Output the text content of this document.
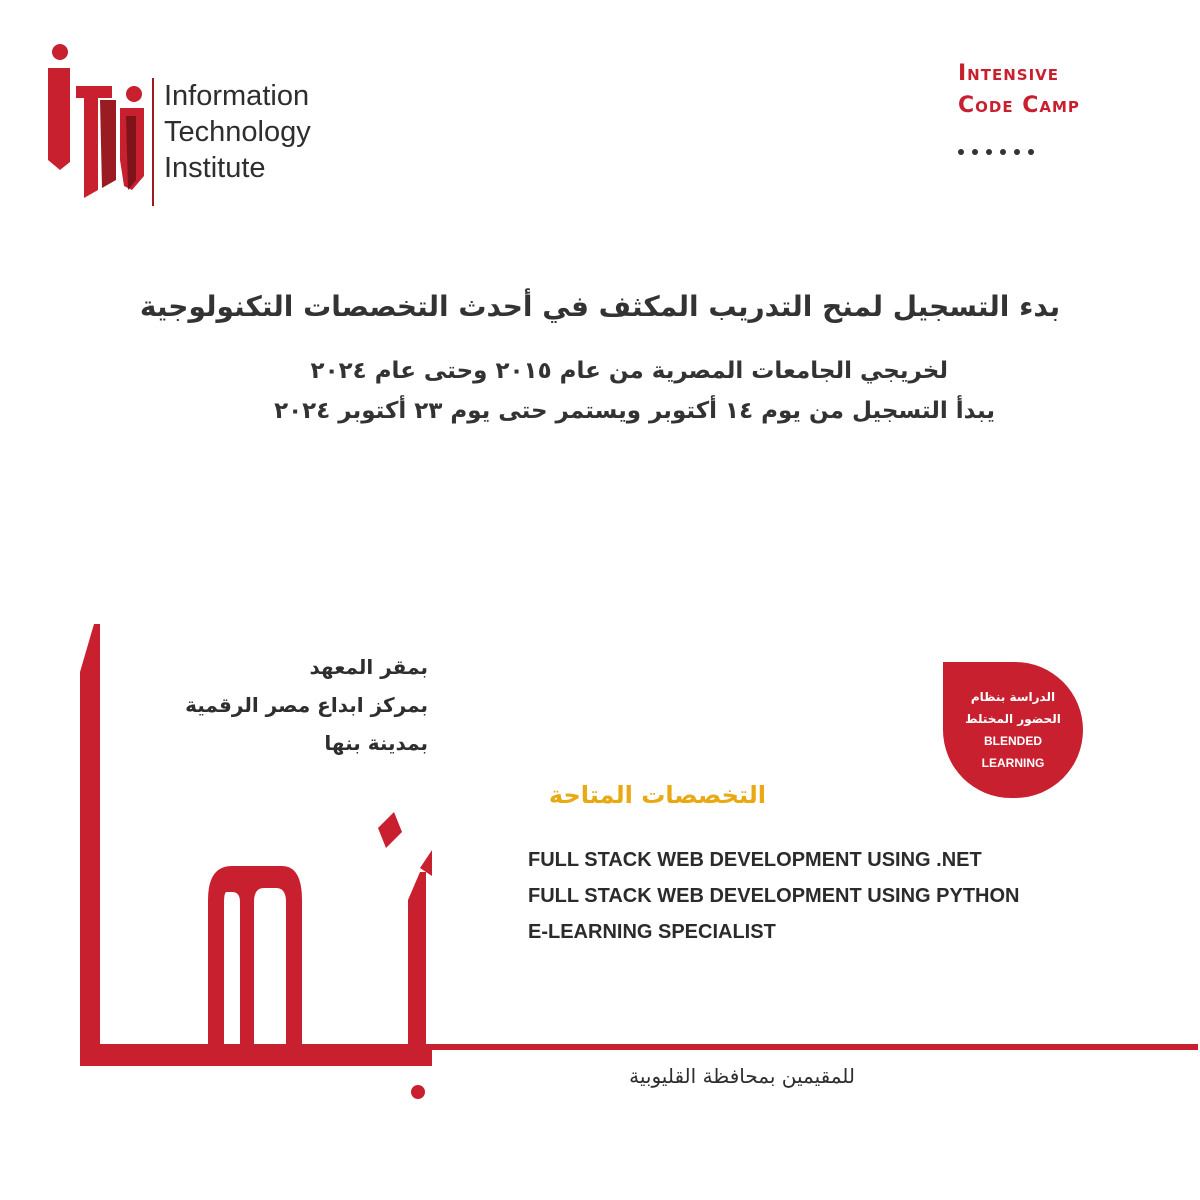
Information
Technology
Institute
Intensive
Code Camp
بدء التسجيل لمنح التدريب المكثف في أحدث التخصصات التكنولوجية
لخريجي الجامعات المصرية من عام ٢٠١٥ وحتى عام ٢٠٢٤
يبدأ التسجيل من يوم ١٤ أكتوبر ويستمر حتى يوم ٢٣ أكتوبر ٢٠٢٤
بمقر المعهد
بمركز ابداع مصر الرقمية
بمدينة بنها
الدراسة بنظام
الحضور المختلط
BLENDED
LEARNING
التخصصات المتاحة
FULL STACK WEB DEVELOPMENT USING .NET
FULL STACK WEB DEVELOPMENT USING PYTHON
E-LEARNING SPECIALIST
للمقيمين بمحافظة القليوبية
